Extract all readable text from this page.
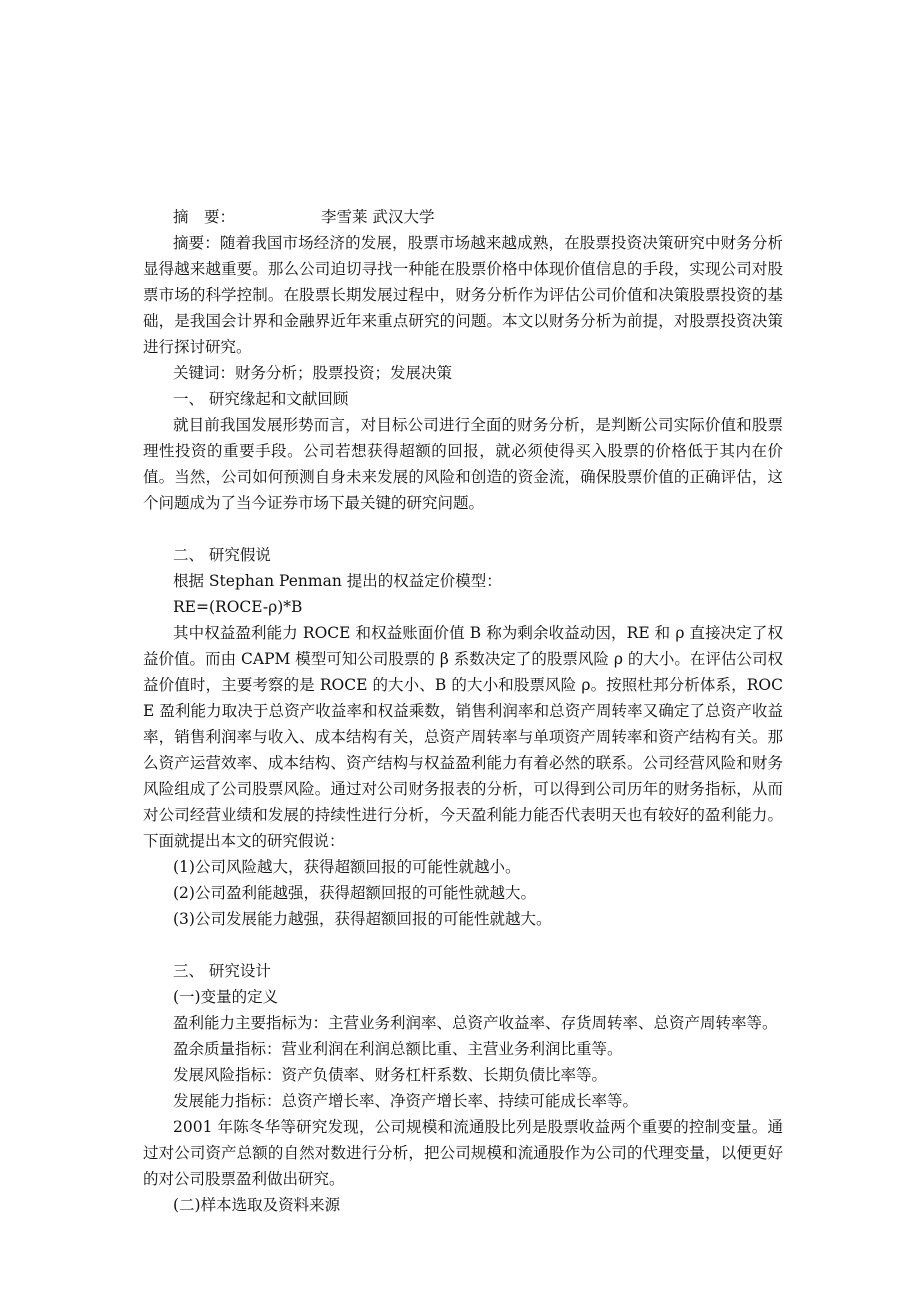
摘　要：	李雪莱 武汉大学

摘要：随着我国市场经济的发展，股票市场越来越成熟，在股票投资决策研究中财务分析显得越来越重要。那么公司迫切寻找一种能在股票价格中体现价值信息的手段，实现公司对股票市场的科学控制。在股票长期发展过程中，财务分析作为评估公司价值和决策股票投资的基础，是我国会计界和金融界近年来重点研究的问题。本文以财务分析为前提，对股票投资决策进行探讨研究。

关键词：财务分析；股票投资；发展决策

一、 研究缘起和文献回顾

就目前我国发展形势而言，对目标公司进行全面的财务分析，是判断公司实际价值和股票理性投资的重要手段。公司若想获得超额的回报，就必须使得买入股票的价格低于其内在价值。当然，公司如何预测自身未来发展的风险和创造的资金流，确保股票价值的正确评估，这个问题成为了当今证券市场下最关键的研究问题。

二、 研究假说

根据 Stephan Penman 提出的权益定价模型：

RE=(ROCE-ρ)*B

其中权益盈利能力 ROCE 和权益账面价值 B 称为剩余收益动因，RE 和 ρ 直接决定了权益价值。而由 CAPM 模型可知公司股票的 β 系数决定了的股票风险 ρ 的大小。在评估公司权益价值时，主要考察的是 ROCE 的大小、B 的大小和股票风险 ρ。按照杜邦分析体系，ROCE 盈利能力取决于总资产收益率和权益乘数，销售利润率和总资产周转率又确定了总资产收益率，销售利润率与收入、成本结构有关，总资产周转率与单项资产周转率和资产结构有关。那么资产运营效率、成本结构、资产结构与权益盈利能力有着必然的联系。公司经营风险和财务风险组成了公司股票风险。通过对公司财务报表的分析，可以得到公司历年的财务指标，从而对公司经营业绩和发展的持续性进行分析，今天盈利能力能否代表明天也有较好的盈利能力。下面就提出本文的研究假说：

(1)公司风险越大，获得超额回报的可能性就越小。

(2)公司盈利能越强，获得超额回报的可能性就越大。

(3)公司发展能力越强，获得超额回报的可能性就越大。

三、 研究设计

(一)变量的定义

盈利能力主要指标为：主营业务利润率、总资产收益率、存货周转率、总资产周转率等。

盈余质量指标：营业利润在利润总额比重、主营业务利润比重等。

发展风险指标：资产负债率、财务杠杆系数、长期负债比率等。

发展能力指标：总资产增长率、净资产增长率、持续可能成长率等。

2001 年陈冬华等研究发现，公司规模和流通股比列是股票收益两个重要的控制变量。通过对公司资产总额的自然对数进行分析，把公司规模和流通股作为公司的代理变量，以便更好的对公司股票盈利做出研究。

(二)样本选取及资料来源
